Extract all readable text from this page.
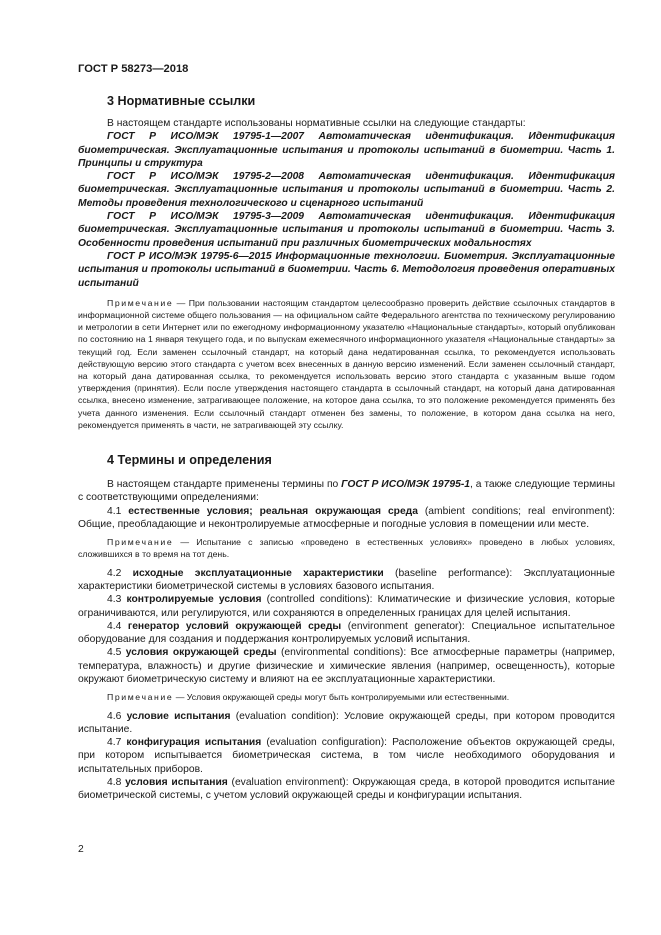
ГОСТ Р 58273—2018
3 Нормативные ссылки

В настоящем стандарте использованы нормативные ссылки на следующие стандарты:

ГОСТ Р ИСО/МЭК 19795-1—2007 Автоматическая идентификация. Идентификация биометрическая. Эксплуатационные испытания и протоколы испытаний в биометрии. Часть 1. Принципы и структура

ГОСТ Р ИСО/МЭК 19795-2—2008 Автоматическая идентификация. Идентификация биометрическая. Эксплуатационные испытания и протоколы испытаний в биометрии. Часть 2. Методы проведения технологического и сценарного испытаний

ГОСТ Р ИСО/МЭК 19795-3—2009 Автоматическая идентификация. Идентификация биометрическая. Эксплуатационные испытания и протоколы испытаний в биометрии. Часть 3. Особенности проведения испытаний при различных биометрических модальностях

ГОСТ Р ИСО/МЭК 19795-6—2015 Информационные технологии. Биометрия. Эксплуатационные испытания и протоколы испытаний в биометрии. Часть 6. Методология проведения оперативных испытаний

Примечание — При пользовании настоящим стандартом целесообразно проверить действие ссылочных стандартов в информационной системе общего пользования — на официальном сайте Федерального агентства по техническому регулированию и метрологии в сети Интернет или по ежегодному информационному указателю «Национальные стандарты», который опубликован по состоянию на 1 января текущего года, и по выпускам ежемесячного информационного указателя «Национальные стандарты» за текущий год. Если заменен ссылочный стандарт, на который дана недатированная ссылка, то рекомендуется использовать действующую версию этого стандарта с учетом всех внесенных в данную версию изменений. Если заменен ссылочный стандарт, на который дана датированная ссылка, то рекомендуется использовать версию этого стандарта с указанным выше годом утверждения (принятия). Если после утверждения настоящего стандарта в ссылочный стандарт, на который дана датированная ссылка, внесено изменение, затрагивающее положение, на которое дана ссылка, то это положение рекомендуется применять без учета данного изменения. Если ссылочный стандарт отменен без замены, то положение, в котором дана ссылка на него, рекомендуется применять в части, не затрагивающей эту ссылку.

4 Термины и определения

В настоящем стандарте применены термины по ГОСТ Р ИСО/МЭК 19795-1, а также следующие термины с соответствующими определениями:

4.1 естественные условия; реальная окружающая среда (ambient conditions; real environment): Общие, преобладающие и неконтролируемые атмосферные и погодные условия в помещении или месте.

Примечание — Испытание с записью «проведено в естественных условиях» проведено в любых условиях, сложившихся в то время на тот день.

4.2 исходные эксплуатационные характеристики (baseline performance): Эксплуатационные характеристики биометрической системы в условиях базового испытания.

4.3 контролируемые условия (controlled conditions): Климатические и физические условия, которые ограничиваются, или регулируются, или сохраняются в определенных границах для целей испытания.

4.4 генератор условий окружающей среды (environment generator): Специальное испытательное оборудование для создания и поддержания контролируемых условий испытания.

4.5 условия окружающей среды (environmental conditions): Все атмосферные параметры (например, температура, влажность) и другие физические и химические явления (например, освещенность), которые окружают биометрическую систему и влияют на ее эксплуатационные характеристики.

Примечание — Условия окружающей среды могут быть контролируемыми или естественными.

4.6 условие испытания (evaluation condition): Условие окружающей среды, при котором проводится испытание.

4.7 конфигурация испытания (evaluation configuration): Расположение объектов окружающей среды, при котором испытывается биометрическая система, в том числе необходимого оборудования и испытательных приборов.

4.8 условия испытания (evaluation environment): Окружающая среда, в которой проводится испытание биометрической системы, с учетом условий окружающей среды и конфигурации испытания.

2
